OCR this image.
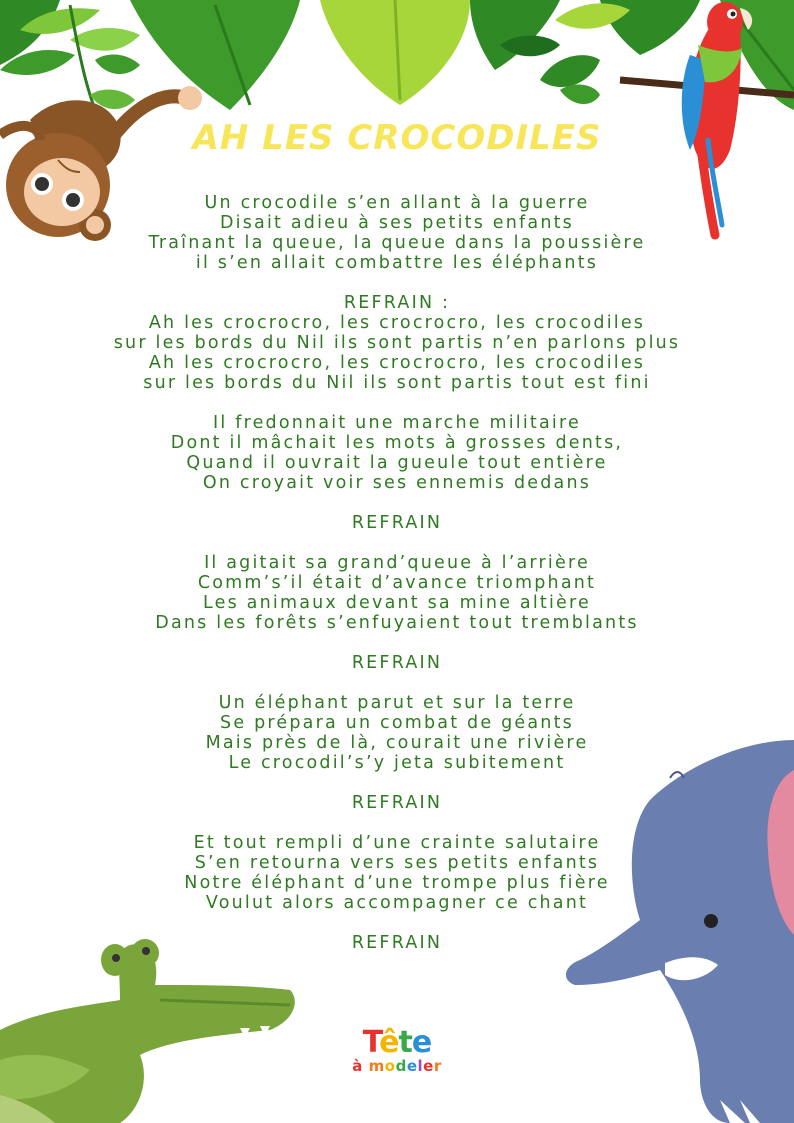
AH LES CROCODILES
Un crocodile s’en allant à la guerre
Disait adieu à ses petits enfants
Traînant la queue, la queue dans la poussière
il s’en allait combattre les éléphants
REFRAIN :
Ah les crocrocro, les crocrocro, les crocodiles
sur les bords du Nil ils sont partis n’en parlons plus
Ah les crocrocro, les crocrocro, les crocodiles
sur les bords du Nil ils sont partis tout est fini
Il fredonnait une marche militaire
Dont il mâchait les mots à grosses dents,
Quand il ouvrait la gueule tout entière
On croyait voir ses ennemis dedans
REFRAIN
Il agitait sa grand’queue à l’arrière
Comm’s’il était d’avance triomphant
Les animaux devant sa mine altière
Dans les forêts s’enfuyaient tout tremblants
REFRAIN
Un éléphant parut et sur la terre
Se prépara un combat de géants
Mais près de là, courait une rivière
Le crocodil’s’y jeta subitement
REFRAIN
Et tout rempli d’une crainte salutaire
S’en retourna vers ses petits enfants
Notre éléphant d’une trompe plus fière
Voulut alors accompagner ce chant
REFRAIN
Tête
à modeler
